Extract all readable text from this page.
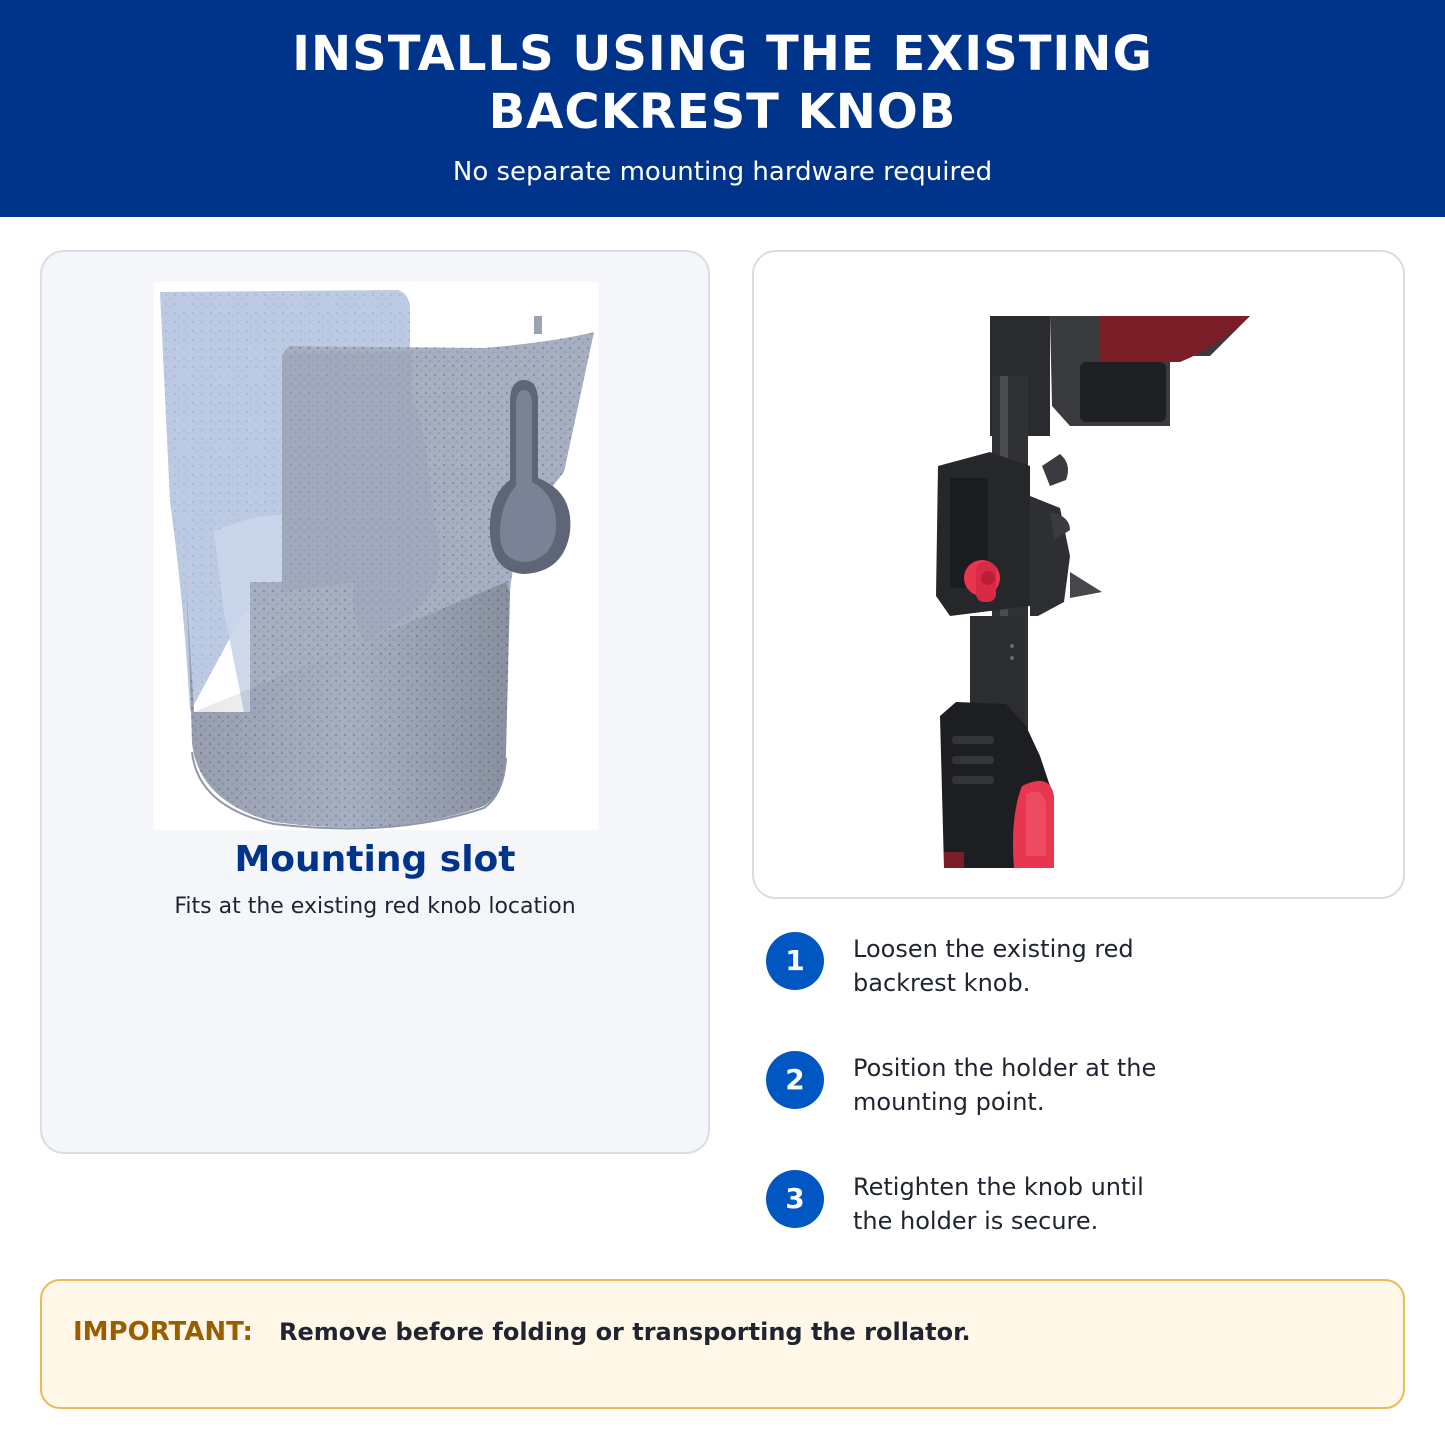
INSTALLS USING THE EXISTING
BACKREST KNOB
No separate mounting hardware required
Mounting slot
Fits at the existing red knob location
1	Loosen the existing red
backrest knob.
2	Position the holder at the
mounting point.
3	Retighten the knob until
the holder is secure.
IMPORTANT: Remove before folding or transporting the rollator.
